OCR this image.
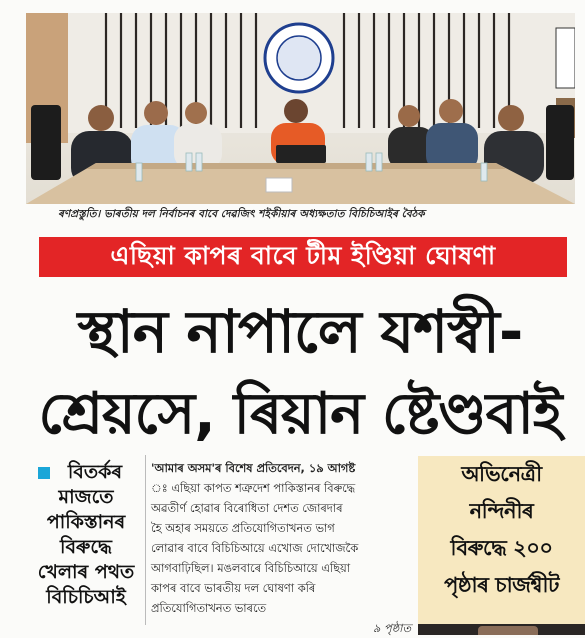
ৰণপ্ৰস্তুতি। ভাৰতীয় দল নিৰ্বাচনৰ বাবে দেৱজিৎ শইকীয়াৰ অধ্যক্ষতাত বিচিচিআইৰ বৈঠক
এছিয়া কাপৰ বাবে টীম ইণ্ডিয়া ঘোষণা
স্থান নাপালে যশস্বী-
শ্ৰেয়সে, ৰিয়ান ষ্টেণ্ডবাই
বিতৰ্কৰ
মাজতে
পাকিস্তানৰ
বিৰুদ্ধে
খেলাৰ পথত
বিচিচিআই
'আমাৰ অসম'ৰ বিশেষ প্ৰতিবেদন, ১৯ আগষ্ট
ঃ এছিয়া কাপত শত্ৰুদেশ পাকিস্তানৰ বিৰুদ্ধে
অৱতীৰ্ণ হোৱাৰ বিৰোধিতা দেশত জোৰদাৰ
হৈ অহাৰ সময়তে প্ৰতিযোগিতাখনত ভাগ
লোৱাৰ বাবে বিচিচিআয়ে এখোজ দোখোজকৈ
আগবাঢ়িছিল। মঙলবাৰে বিচিচিআয়ে এছিয়া
কাপৰ বাবে ভাৰতীয় দল ঘোষণা কৰি
প্ৰতিযোগিতাখনত ভাৰতে
৯ পৃষ্ঠাত
অভিনেত্ৰী
নন্দিনীৰ
বিৰুদ্ধে ২০০
পৃষ্ঠাৰ চাৰ্জশ্বীট
